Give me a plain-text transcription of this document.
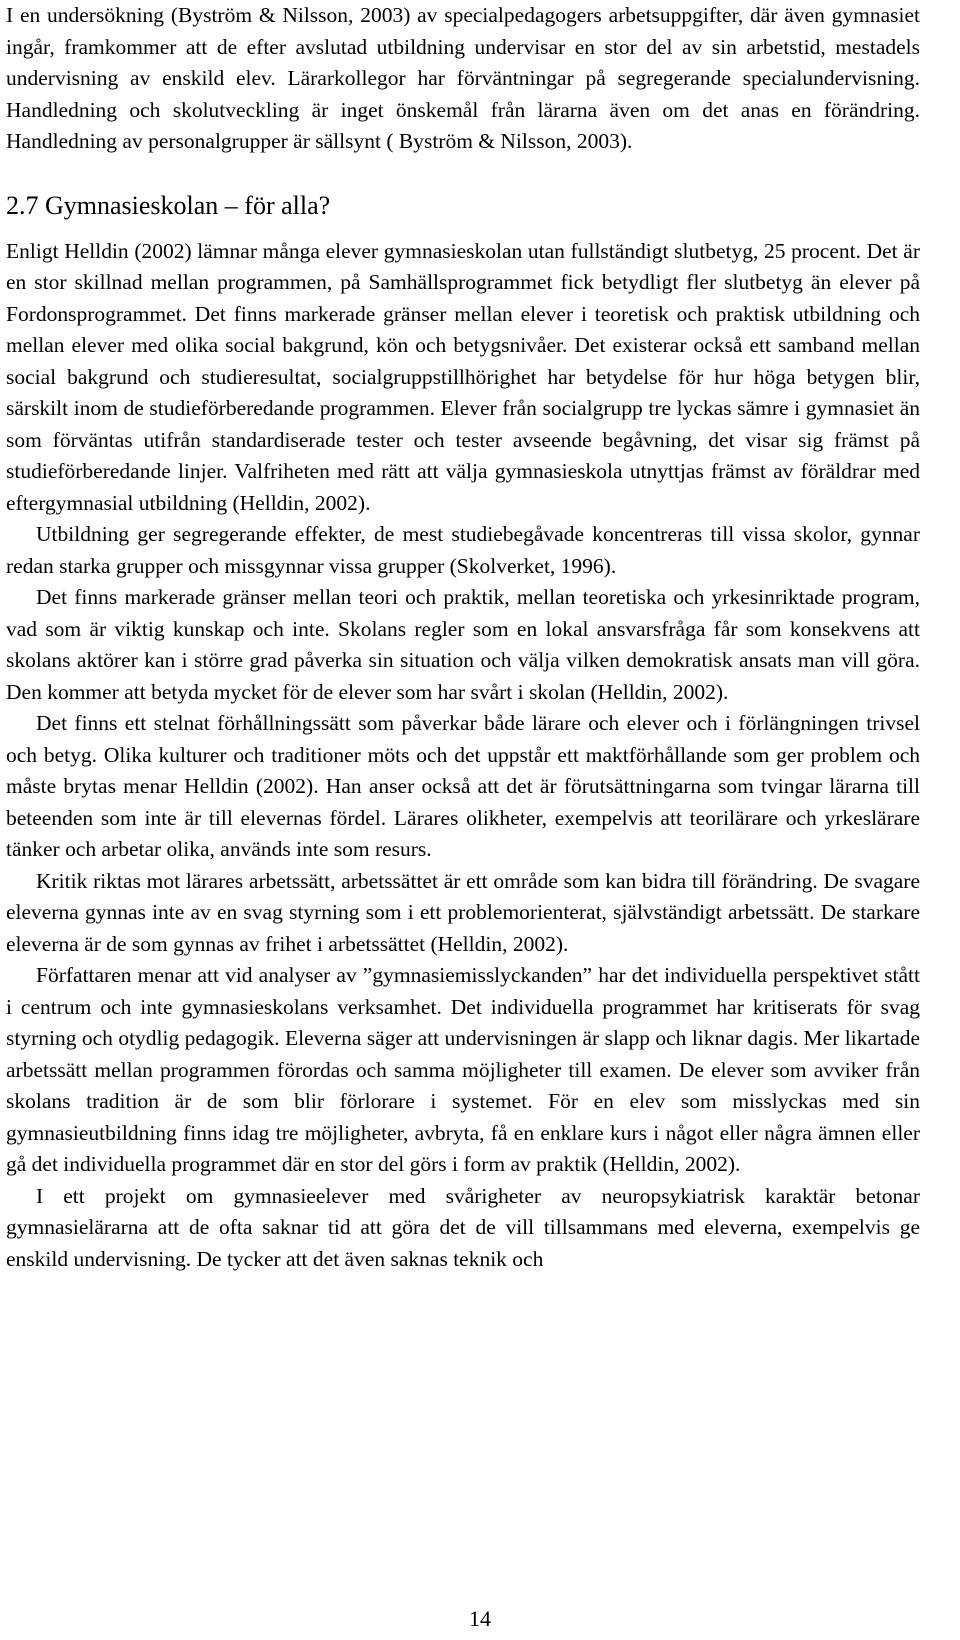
I en undersökning (Byström & Nilsson, 2003) av specialpedagogers arbetsuppgifter, där även gymnasiet ingår, framkommer att de efter avslutad utbildning undervisar en stor del av sin arbetstid, mestadels undervisning av enskild elev. Lärarkollegor har förväntningar på segregerande specialundervisning. Handledning och skolutveckling är inget önskemål från lärarna även om det anas en förändring. Handledning av personalgrupper är sällsynt ( Byström & Nilsson, 2003).

2.7 Gymnasieskolan – för alla?

Enligt Helldin (2002) lämnar många elever gymnasieskolan utan fullständigt slutbetyg, 25 procent. Det är en stor skillnad mellan programmen, på Samhällsprogrammet fick betydligt fler slutbetyg än elever på Fordonsprogrammet. Det finns markerade gränser mellan elever i teoretisk och praktisk utbildning och mellan elever med olika social bakgrund, kön och betygsnivåer. Det existerar också ett samband mellan social bakgrund och studieresultat, socialgruppstillhörighet har betydelse för hur höga betygen blir, särskilt inom de studieförberedande programmen. Elever från socialgrupp tre lyckas sämre i gymnasiet än som förväntas utifrån standardiserade tester och tester avseende begåvning, det visar sig främst på studieförberedande linjer. Valfriheten med rätt att välja gymnasieskola utnyttjas främst av föräldrar med eftergymnasial utbildning (Helldin, 2002).

Utbildning ger segregerande effekter, de mest studiebegåvade koncentreras till vissa skolor, gynnar redan starka grupper och missgynnar vissa grupper (Skolverket, 1996).

Det finns markerade gränser mellan teori och praktik, mellan teoretiska och yrkesinriktade program, vad som är viktig kunskap och inte. Skolans regler som en lokal ansvarsfråga får som konsekvens att skolans aktörer kan i större grad påverka sin situation och välja vilken demokratisk ansats man vill göra. Den kommer att betyda mycket för de elever som har svårt i skolan (Helldin, 2002).

Det finns ett stelnat förhållningssätt som påverkar både lärare och elever och i förlängningen trivsel och betyg. Olika kulturer och traditioner möts och det uppstår ett maktförhållande som ger problem och måste brytas menar Helldin (2002). Han anser också att det är förutsättningarna som tvingar lärarna till beteenden som inte är till elevernas fördel. Lärares olikheter, exempelvis att teorilärare och yrkeslärare tänker och arbetar olika, används inte som resurs.

Kritik riktas mot lärares arbetssätt, arbetssättet är ett område som kan bidra till förändring. De svagare eleverna gynnas inte av en svag styrning som i ett problemorienterat, självständigt arbetssätt. De starkare eleverna är de som gynnas av frihet i arbetssättet (Helldin, 2002).

Författaren menar att vid analyser av ”gymnasiemisslyckanden” har det individuella perspektivet stått i centrum och inte gymnasieskolans verksamhet. Det individuella programmet har kritiserats för svag styrning och otydlig pedagogik. Eleverna säger att undervisningen är slapp och liknar dagis. Mer likartade arbetssätt mellan programmen förordas och samma möjligheter till examen. De elever som avviker från skolans tradition är de som blir förlorare i systemet. För en elev som misslyckas med sin gymnasieutbildning finns idag tre möjligheter, avbryta, få en enklare kurs i något eller några ämnen eller gå det individuella programmet där en stor del görs i form av praktik (Helldin, 2002).

I ett projekt om gymnasieelever med svårigheter av neuropsykiatrisk karaktär betonar gymnasielärarna att de ofta saknar tid att göra det de vill tillsammans med eleverna, exempelvis ge enskild undervisning. De tycker att det även saknas teknik och

14
